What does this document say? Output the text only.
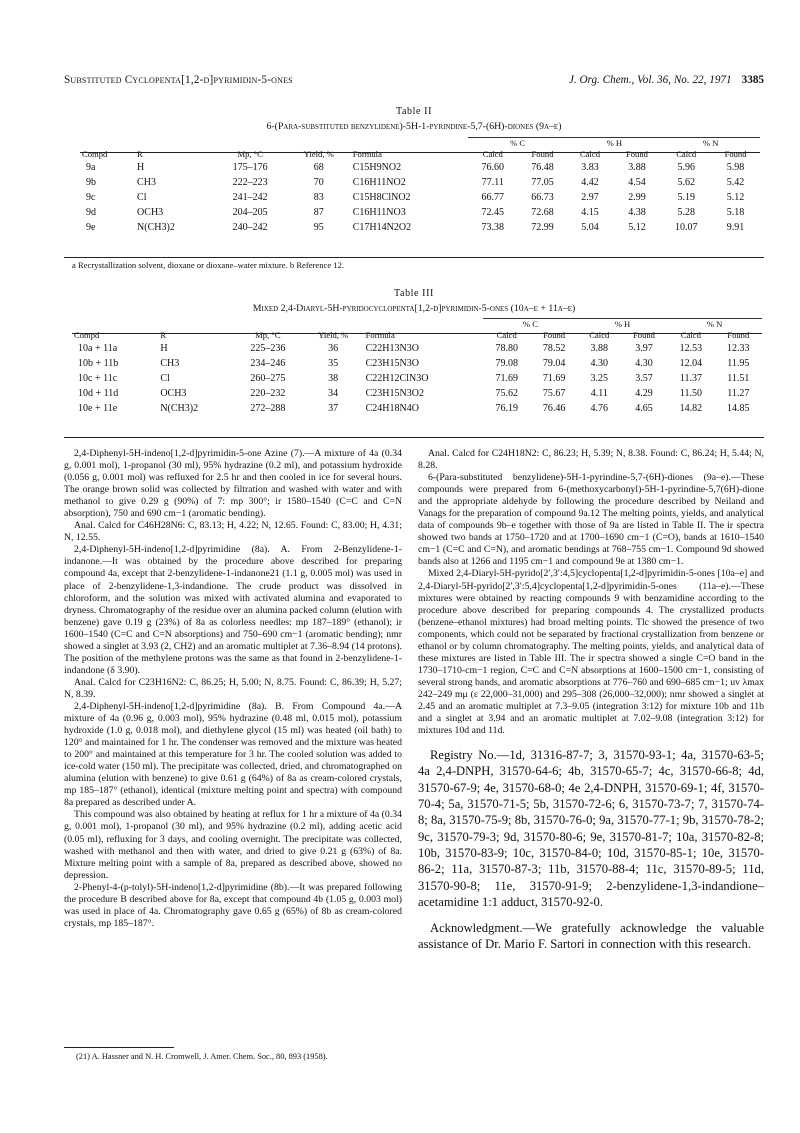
Substituted Cyclopenta[1,2-d]pyrimidin-5-ones	J. Org. Chem., Vol. 36, No. 22, 1971 3385
Table II
6-(Para-substituted benzylidene)-5H-1-pyrindine-5,7-(6H)-diones (9a–e)
					% C		% H		% N	
Compd	R	Mp, °C	Yield, %	Formula	Calcd	Found	Calcd	Found	Calcd	Found
9a	H	175–176	68	C15H9NO2	76.60	76.48	3.83	3.88	5.96	5.98
9b	CH3	222–223	70	C16H11NO2	77.11	77.05	4.42	4.54	5.62	5.42
9c	Cl	241–242	83	C15H8ClNO2	66.77	66.73	2.97	2.99	5.19	5.12
9d	OCH3	204–205	87	C16H11NO3	72.45	72.68	4.15	4.38	5.28	5.18
9e	N(CH3)2	240–242	95	C17H14N2O2	73.38	72.99	5.04	5.12	10.07	9.91
a Recrystallization solvent, dioxane or dioxane–water mixture. b Reference 12.
Table III
Mixed 2,4-Diaryl-5H-pyridocyclopenta[1,2-d]pyrimidin-5-ones (10a–e + 11a–e)
					% C		% H		% N	
Compd	R	Mp, °C	Yield, %	Formula	Calcd	Found	Calcd	Found	Calcd	Found
10a + 11a	H	225–236	36	C22H13N3O	78.80	78.52	3.88	3.97	12.53	12.33
10b + 11b	CH3	234–246	35	C23H15N3O	79.08	79.04	4.30	4.30	12.04	11.95
10c + 11c	Cl	260–275	38	C22H12ClN3O	71.69	71.69	3.25	3.57	11.37	11.51
10d + 11d	OCH3	220–232	34	C23H15N3O2	75.62	75.67	4.11	4.29	11.50	11.27
10e + 11e	N(CH3)2	272–288	37	C24H18N4O	76.19	76.46	4.76	4.65	14.82	14.85

2,4-Diphenyl-5H-indeno[1,2-d]pyrimidin-5-one Azine (7).—A mixture of 4a (0.34 g, 0.001 mol), 1-propanol (30 ml), 95% hydrazine (0.2 ml), and potassium hydroxide (0.056 g, 0.001 mol) was refluxed for 2.5 hr and then cooled in ice for several hours. The orange brown solid was collected by filtration and washed with water and with methanol to give 0.29 g (90%) of 7: mp 300°; ir 1580–1540 (C=C and C=N absorption), 750 and 690 cm−1 (aromatic bending).

Anal. Calcd for C46H28N6: C, 83.13; H, 4.22; N, 12.65. Found: C, 83.00; H, 4.31; N, 12.55.

2,4-Diphenyl-5H-indeno[1,2-d]pyrimidine (8a). A. From 2-Benzylidene-1-indanone.—It was obtained by the procedure above described for preparing compound 4a, except that 2-benzylidene-1-indanone21 (1.1 g, 0.005 mol) was used in place of 2-benzylidene-1,3-indandione. The crude product was dissolved in chloroform, and the solution was mixed with activated alumina and evaporated to dryness. Chromatography of the residue over an alumina packed column (elution with benzene) gave 0.19 g (23%) of 8a as colorless needles: mp 187–189° (ethanol); ir 1600–1540 (C=C and C=N absorptions) and 750–690 cm−1 (aromatic bending); nmr showed a singlet at 3.93 (2, CH2) and an aromatic multiplet at 7.36–8.94 (14 protons). The position of the methylene protons was the same as that found in 2-benzylidene-1-indandone (δ 3.90).

Anal. Calcd for C23H16N2: C, 86.25; H, 5.00; N, 8.75. Found: C, 86.39; H, 5.27; N, 8.39.

2,4-Diphenyl-5H-indeno[1,2-d]pyrimidine (8a). B. From Compound 4a.—A mixture of 4a (0.96 g, 0.003 mol), 95% hydrazine (0.48 ml, 0.015 mol), potassium hydroxide (1.0 g, 0.018 mol), and diethylene glycol (15 ml) was heated (oil bath) to 120° and maintained for 1 hr. The condenser was removed and the mixture was heated to 200° and maintained at this temperature for 3 hr. The cooled solution was added to ice-cold water (150 ml). The precipitate was collected, dried, and chromatographed on alumina (elution with benzene) to give 0.61 g (64%) of 8a as cream-colored crystals, mp 185–187° (ethanol), identical (mixture melting point and spectra) with compound 8a prepared as described under A.

This compound was also obtained by heating at reflux for 1 hr a mixture of 4a (0.34 g, 0.001 mol), 1-propanol (30 ml), and 95% hydrazine (0.2 ml), adding acetic acid (0.05 ml), refluxing for 3 days, and cooling overnight. The precipitate was collected, washed with methanol and then with water, and dried to give 0.21 g (63%) of 8a. Mixture melting point with a sample of 8a, prepared as described above, showed no depression.

2-Phenyl-4-(p-tolyl)-5H-indeno[1,2-d]pyrimidine (8b).—It was prepared following the procedure B described above for 8a, except that compound 4b (1.05 g, 0.003 mol) was used in place of 4a. Chromatography gave 0.65 g (65%) of 8b as cream-colored crystals, mp 185–187°.

(21) A. Hassner and N. H. Cromwell, J. Amer. Chem. Soc., 80, 893 (1958).

Anal. Calcd for C24H18N2: C, 86.23; H, 5.39; N, 8.38. Found: C, 86.24; H, 5.44; N, 8.28.

6-(Para-substituted benzylidene)-5H-1-pyrindine-5,7-(6H)-diones (9a–e).—These compounds were prepared from 6-(methoxycarbonyl)-5H-1-pyrindine-5,7(6H)-dione and the appropriate aldehyde by following the procedure described by Neiland and Vanags for the preparation of compound 9a.12 The melting points, yields, and analytical data of compounds 9b–e together with those of 9a are listed in Table II. The ir spectra showed two bands at 1750–1720 and at 1700–1690 cm−1 (C=O), bands at 1610–1540 cm−1 (C=C and C=N), and aromatic bendings at 768–755 cm−1. Compound 9d showed bands also at 1266 and 1195 cm−1 and compound 9e at 1380 cm−1.

Mixed 2,4-Diaryl-5H-pyrido[2′,3′:4,5]cyclopenta[1,2-d]pyrimidin-5-ones [10a–e] and 2,4-Diaryl-5H-pyrido[2′,3′:5,4]cyclopenta[1,2-d]pyrimidin-5-ones (11a–e).—These mixtures were obtained by reacting compounds 9 with benzamidine according to the procedure above described for preparing compounds 4. The crystallized products (benzene–ethanol mixtures) had broad melting points. Tlc showed the presence of two components, which could not be separated by fractional crystallization from benzene or ethanol or by column chromatography. The melting points, yields, and analytical data of these mixtures are listed in Table III. The ir spectra showed a single C=O band in the 1730–1710-cm−1 region, C=C and C=N absorptions at 1600–1500 cm−1, consisting of several strong bands, and aromatic absorptions at 776–760 and 690–685 cm−1; uv λmax 242–249 mμ (ε 22,000–31,000) and 295–308 (26,000–32,000); nmr showed a singlet at 2.45 and an aromatic multiplet at 7.3–9.05 (integration 3:12) for mixture 10b and 11b and a singlet at 3.94 and an aromatic multiplet at 7.02–9.08 (integration 3:12) for mixtures 10d and 11d.

Registry No.—1d, 31316-87-7; 3, 31570-93-1; 4a, 31570-63-5; 4a 2,4-DNPH, 31570-64-6; 4b, 31570-65-7; 4c, 31570-66-8; 4d, 31570-67-9; 4e, 31570-68-0; 4e 2,4-DNPH, 31570-69-1; 4f, 31570-70-4; 5a, 31570-71-5; 5b, 31570-72-6; 6, 31570-73-7; 7, 31570-74-8; 8a, 31570-75-9; 8b, 31570-76-0; 9a, 31570-77-1; 9b, 31570-78-2; 9c, 31570-79-3; 9d, 31570-80-6; 9e, 31570-81-7; 10a, 31570-82-8; 10b, 31570-83-9; 10c, 31570-84-0; 10d, 31570-85-1; 10e, 31570-86-2; 11a, 31570-87-3; 11b, 31570-88-4; 11c, 31570-89-5; 11d, 31570-90-8; 11e, 31570-91-9; 2-benzylidene-1,3-indandione–acetamidine 1:1 adduct, 31570-92-0.

Acknowledgment.—We gratefully acknowledge the valuable assistance of Dr. Mario F. Sartori in connection with this research.
